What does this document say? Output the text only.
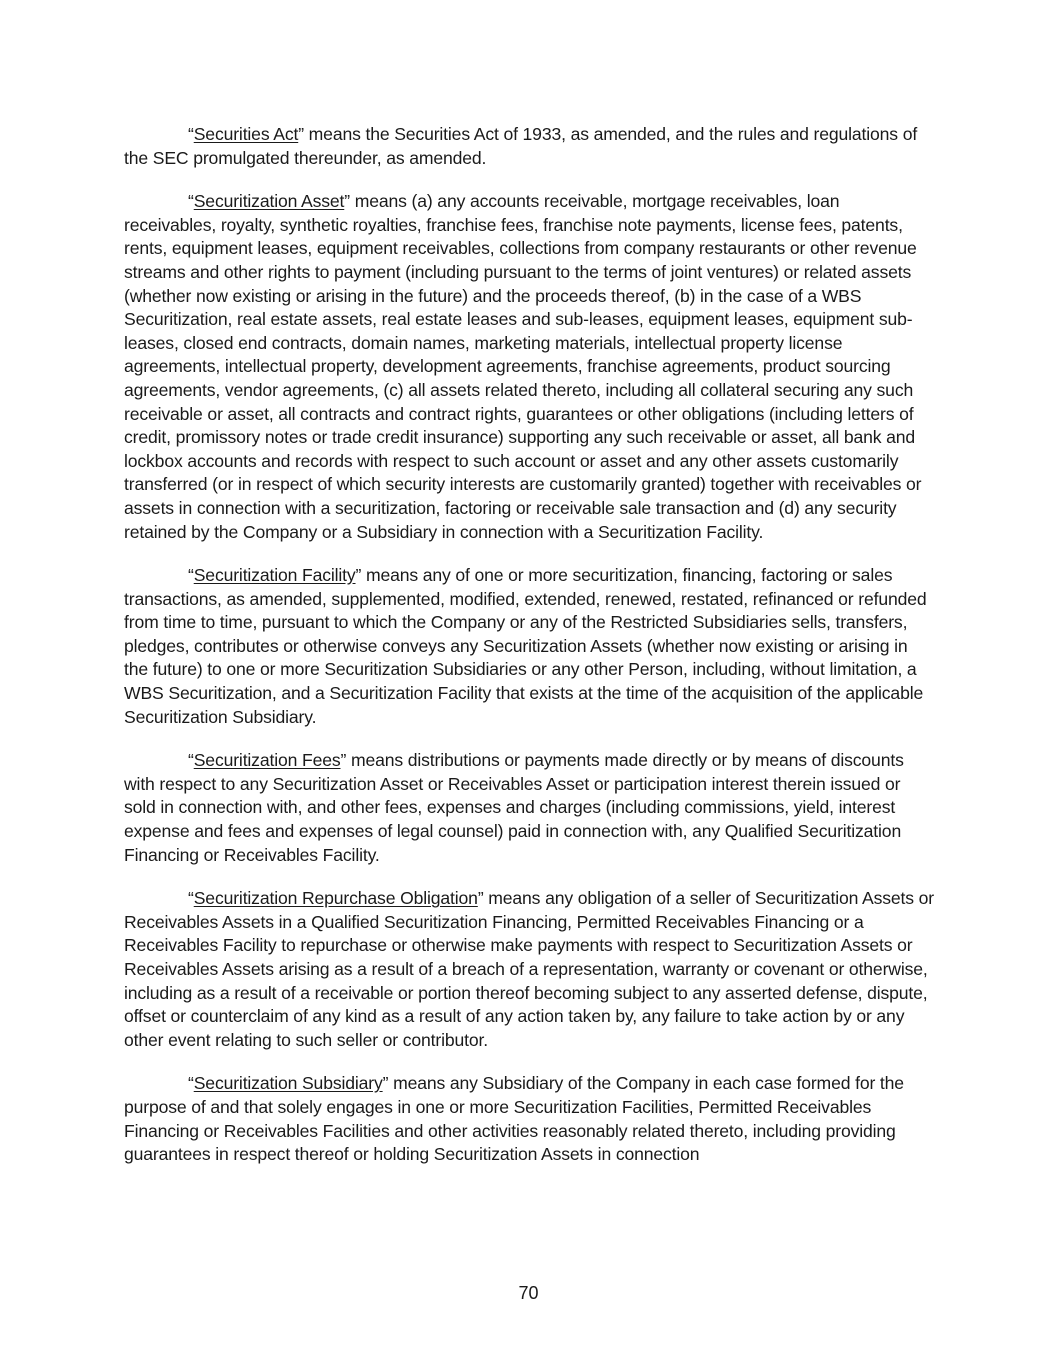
“Securities Act” means the Securities Act of 1933, as amended, and the rules and regulations of the SEC promulgated thereunder, as amended.

“Securitization Asset” means (a) any accounts receivable, mortgage receivables, loan receivables, royalty, synthetic royalties, franchise fees, franchise note payments, license fees, patents, rents, equipment leases, equipment receivables, collections from company restaurants or other revenue streams and other rights to payment (including pursuant to the terms of joint ventures) or related assets (whether now existing or arising in the future) and the proceeds thereof, (b) in the case of a WBS Securitization, real estate assets, real estate leases and sub-leases, equipment leases, equipment sub-leases, closed end contracts, domain names, marketing materials, intellectual property license agreements, intellectual property, development agreements, franchise agreements, product sourcing agreements, vendor agreements, (c) all assets related thereto, including all collateral securing any such receivable or asset, all contracts and contract rights, guarantees or other obligations (including letters of credit, promissory notes or trade credit insurance) supporting any such receivable or asset, all bank and lockbox accounts and records with respect to such account or asset and any other assets customarily transferred (or in respect of which security interests are customarily granted) together with receivables or assets in connection with a securitization, factoring or receivable sale transaction and (d) any security retained by the Company or a Subsidiary in connection with a Securitization Facility.

“Securitization Facility” means any of one or more securitization, financing, factoring or sales transactions, as amended, supplemented, modified, extended, renewed, restated, refinanced or refunded from time to time, pursuant to which the Company or any of the Restricted Subsidiaries sells, transfers, pledges, contributes or otherwise conveys any Securitization Assets (whether now existing or arising in the future) to one or more Securitization Subsidiaries or any other Person, including, without limitation, a WBS Securitization, and a Securitization Facility that exists at the time of the acquisition of the applicable Securitization Subsidiary.

“Securitization Fees” means distributions or payments made directly or by means of discounts with respect to any Securitization Asset or Receivables Asset or participation interest therein issued or sold in connection with, and other fees, expenses and charges (including commissions, yield, interest expense and fees and expenses of legal counsel) paid in connection with, any Qualified Securitization Financing or Receivables Facility.

“Securitization Repurchase Obligation” means any obligation of a seller of Securitization Assets or Receivables Assets in a Qualified Securitization Financing, Permitted Receivables Financing or a Receivables Facility to repurchase or otherwise make payments with respect to Securitization Assets or Receivables Assets arising as a result of a breach of a representation, warranty or covenant or otherwise, including as a result of a receivable or portion thereof becoming subject to any asserted defense, dispute, offset or counterclaim of any kind as a result of any action taken by, any failure to take action by or any other event relating to such seller or contributor.

“Securitization Subsidiary” means any Subsidiary of the Company in each case formed for the purpose of and that solely engages in one or more Securitization Facilities, Permitted Receivables Financing or Receivables Facilities and other activities reasonably related thereto, including providing guarantees in respect thereof or holding Securitization Assets in connection

70
